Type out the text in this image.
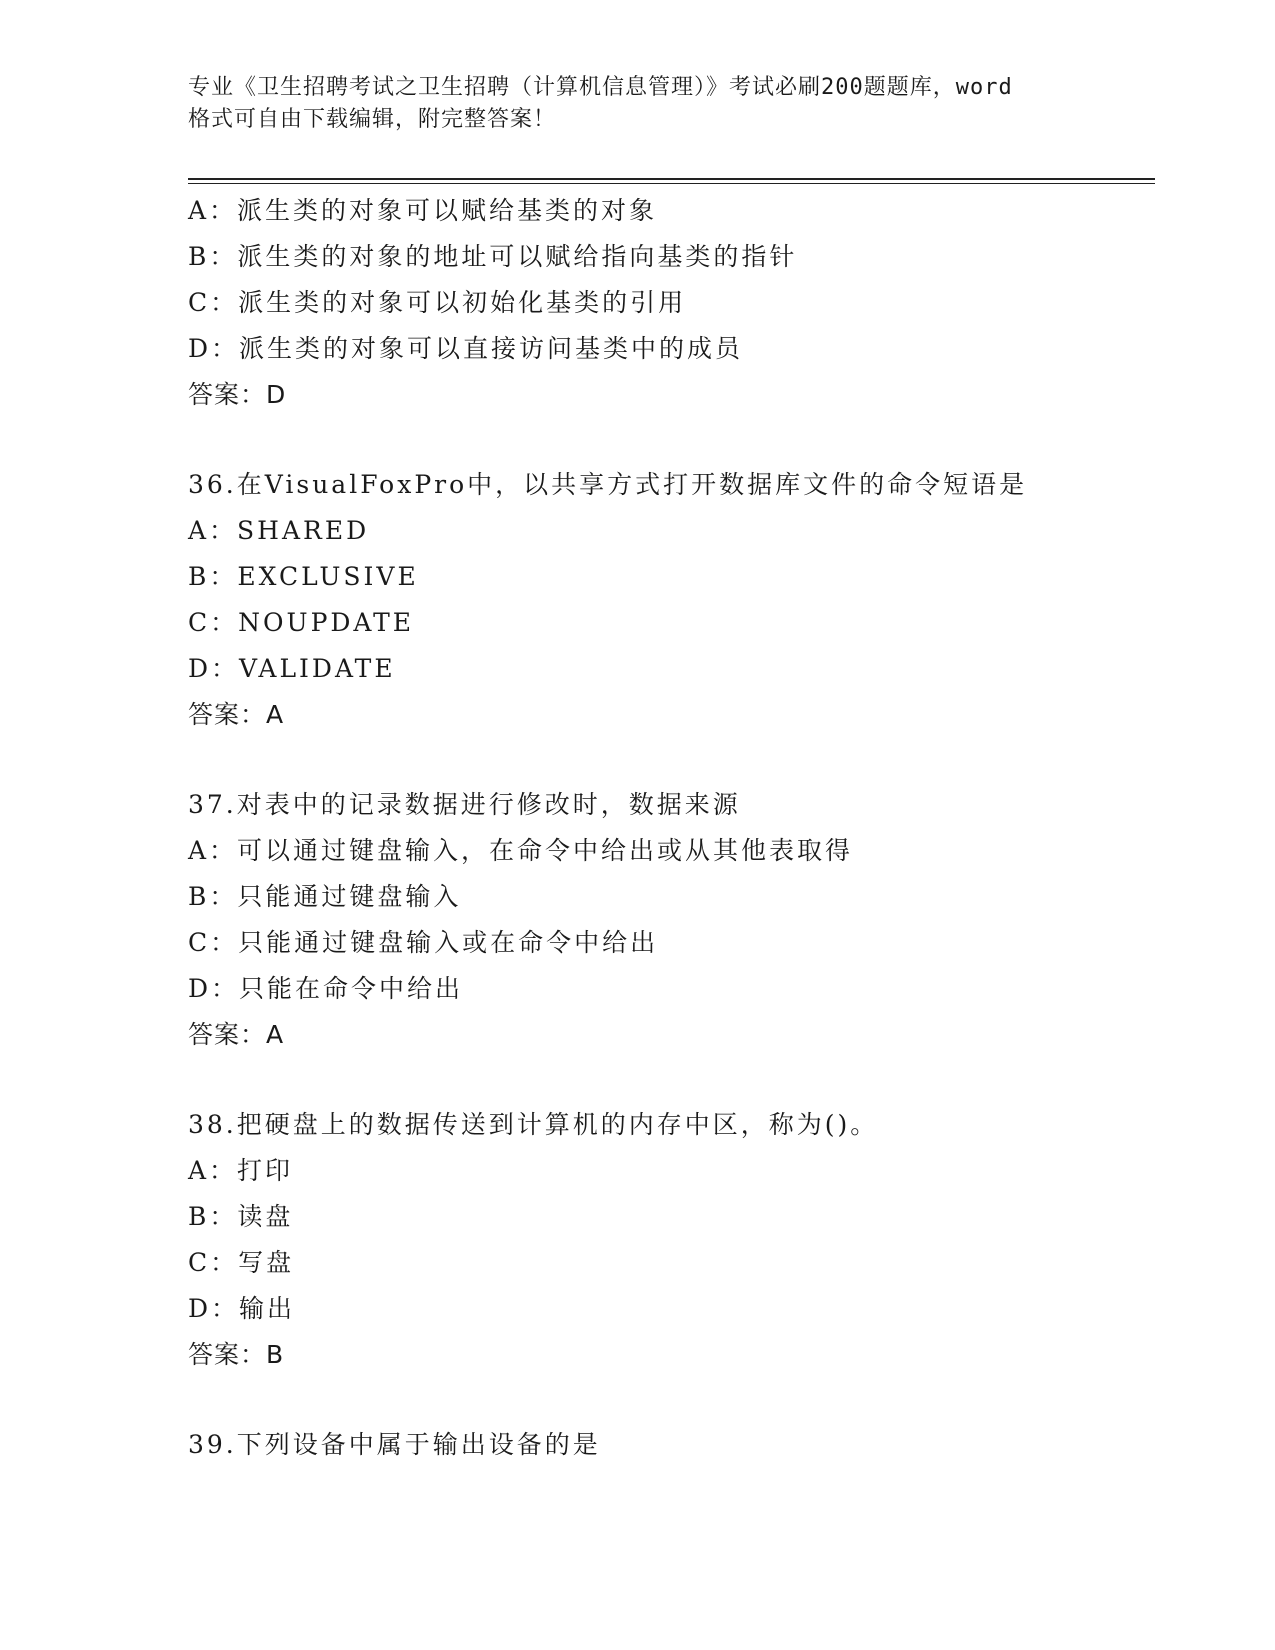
专业《卫生招聘考试之卫生招聘（计算机信息管理）》考试必刷200题题库，word
格式可自由下载编辑，附完整答案！
A：派生类的对象可以赋给基类的对象
B：派生类的对象的地址可以赋给指向基类的指针
C：派生类的对象可以初始化基类的引用
D：派生类的对象可以直接访问基类中的成员
答案：D
36.在VisualFoxPro中，以共享方式打开数据库文件的命令短语是
A：SHARED
B：EXCLUSIVE
C：NOUPDATE
D：VALIDATE
答案：A
37.对表中的记录数据进行修改时，数据来源
A：可以通过键盘输入，在命令中给出或从其他表取得
B：只能通过键盘输入
C：只能通过键盘输入或在命令中给出
D：只能在命令中给出
答案：A
38.把硬盘上的数据传送到计算机的内存中区，称为()。
A：打印
B：读盘
C：写盘
D：输出
答案：B
39.下列设备中属于输出设备的是
